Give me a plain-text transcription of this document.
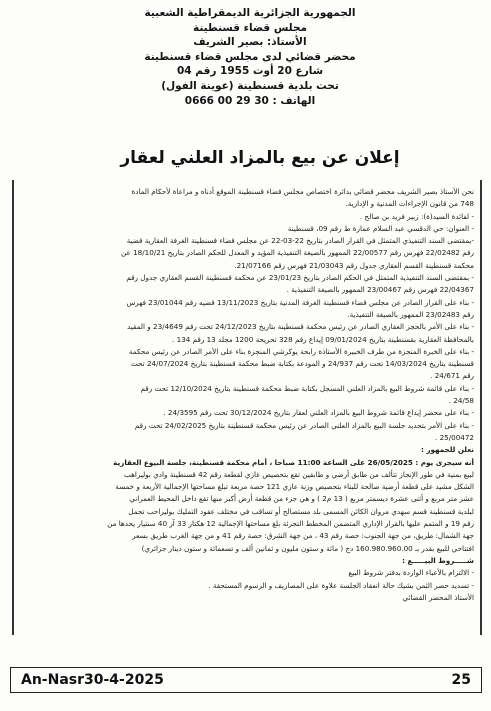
الجمهورية الجزائرية الديمقراطية الشعبية
مجلس قضاء قسنطينة
الأستاذ: بصير الشريف
محضر قضائي لدى مجلس قضاء قسنطينة
شارع 20 أوت 1955 رقم 04
تحت بلدية قسنطينة (عوينة الفول)
الهاتف : 30 29 00 0666
إعلان عن بيع بالمزاد العلني لعقار
نحن الأستاذ بصير الشريف محضر قضائي بدائرة اختصاص مجلس قضاء قسنطينة الموقع أدناه و مراعاة لأحكام المادة
748 من قانون الإجراءات المدنية و الإدارية.
- لفائدة السيد(ة): زبير فريد بن صالح .
- العنوان: حي الدقسي عبد السلام عمارة ط رقم 09، قسنطينة
-بمقتضى السند التنفيذي المتمثل في القرار الصادر بتاريخ 22-03-22 عن مجلس قضاء قسنطينة الغرفة العقارية قضية
رقم 22/02482 فهرس رقم 22/00577 الممهور بالصيغة التنفيذية المؤيد و المعدل للحكم الصادر بتاريخ 18/10/21 عن
محكمة قسنطينة القسم العقاري جدول رقم 21/03043 فهرس رقم 21/07166.
- بمقتضى السند التنفيذية المتمثل في الحكم الصادر بتاريخ 23/01/23 عن محكمة قسنطينة القسم العقاري جدول رقم
22/04367 فهرس رقم 23/00467 الممهور بالصيغة التنفيذية .
- بناء على القرار الصادر عن مجلس قضاء قسنطينة الغرفة المدنية بتاريخ 13/11/2023 قضيه رقم 23/01044 فهرس
رقم 23/02483 الممهور بالصيغة التنفيذية.
- بناء على الأمر بالحجز العقاري الصادر عن رئيس محكمة قسنطينة بتاريخ 24/12/2023 تحت رقم 23/4649 و المقيد
بالمحافظة العقارية بقسنطينة بتاريخ 09/01/2024 إيداع رقم 328 تحريحة 1200 مجلد 13 رقم 134 .
- بناء على الخبرة المنجزة من طرف الخبيرة الأستاذة رابحة يوكرشي المنجزة بناء على الأمر الصادر عن رئيس محكمة
قسنطينة بتاريخ 14/03/2024 تحت رقم 24/937 و المودعة بكتابة ضبط محكمة قسنطينة بتاريخ 24/07/2024 تحت
رقم 24/671 .
- بناء على قائمة شروط البيع بالمزاد العلني المسجل بكتابة ضبط محكمة قسنطينة بتاريخ 12/10/2024 تحت رقم
24/58 .
- بناء على محضر إيداع قائمة شروط البيع بالمزاد العلني لعقار بتاريخ 30/12/2024 تحت رقم 24/3595 .
- بناء على الأمر بتحديد جلسة البيع بالمزاد العلني الصادر عن رئيس محكمة قسنطينة بتاريخ 24/02/2025 تحت رقم
25/00472 .
نعلن للجمهور :
أنه سيجرى يوم : 26/05/2025 على الساعة 11:00 صباحا ، أمام محكمة قسنطينة، جلسة البيوع العقارية
لبيع بمنية في طور الإنجاز تتألف من طابق أرضي و طابقين تقع بتحصيص غازي لقطعة رقم 42 قسنطينة وادي بوليراهب
الشكل مشيد على قطعة أرضية صالحة للبناء بتحصيص وزنة عازي 121 حصة مربعة تبلغ مساحتها الإجمالية الأربعة و خمسة
عشر متر مربع و أثنى عشرة ديسمتر مربع ( 13 م2 ) و هي جزء من قطعة أرض أكبر منها تقع داخل المحيط العمراني
لبلدية قسنطينة قسم سهدي مروان الكائن المسمى بلد مستصالح أو تساقب في مختلف عقود التمليك بوليراحب تحمل
رقم 19 و المتمم عليها بالقرار الإداري المتضمن المخطط التجزئة بلغ مساحتها الإجمالية 12 هكتار 33 آر 40 سنتيار يحدها من
جهة الشمال: طريق، من جهة الجنوب: حصة رقم 43 ، من جهة الشرق: حصة رقم 41 و من جهة الغرب طريق بسعر
افتتاحي للبيع بقدر بـ 160.980.960.00 دج ( مائة و ستون مليون و ثمانين ألف و تسعمائة و ستون دينار جزائري)
شـــــروط البيـــــع :
- الالتزام بالأعباء الواردة بدفتر شروط البيع
- تسديد حصر الثمن بشيك حالة انعقاد الجلسة علاوة على المصاريف و الرسوم المستحقة .
الأستاذ المحضر القضائي
An-Nasr30-4-2025	25
